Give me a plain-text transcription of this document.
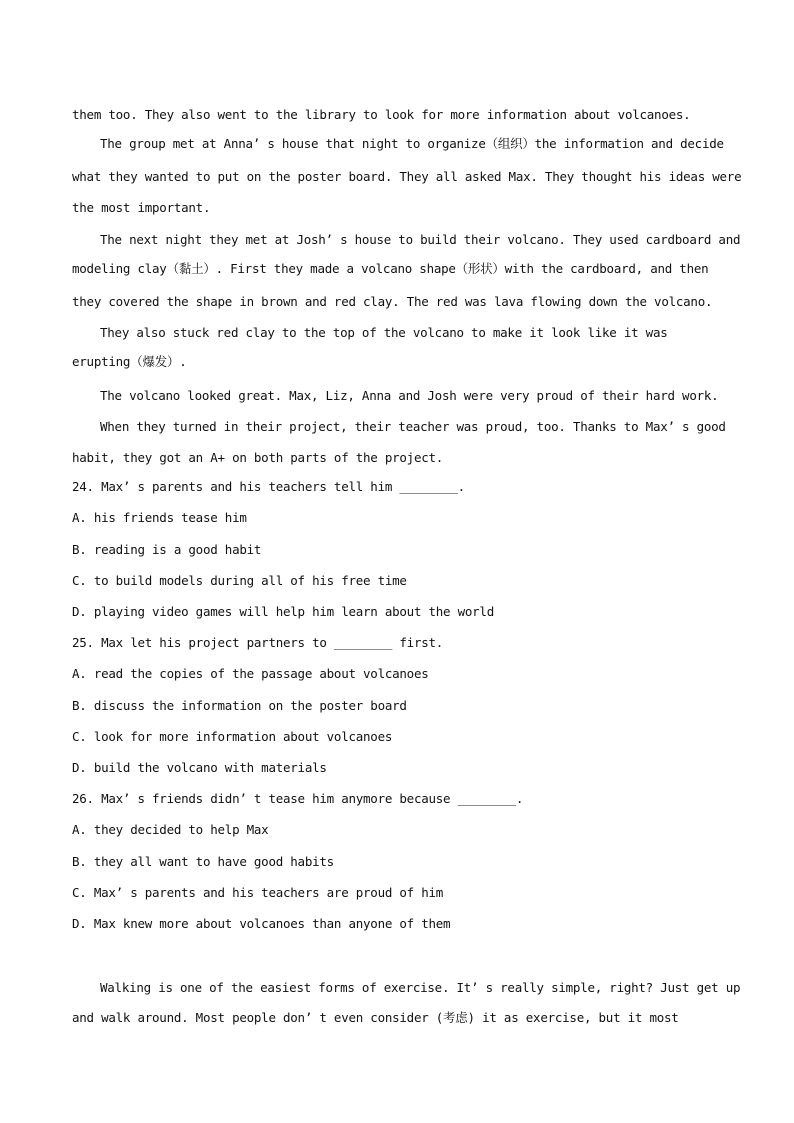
them too. They also went to the library to look for more information about volcanoes.
The group met at Anna’ s house that night to organize（组织）the information and decide
what they wanted to put on the poster board. They all asked Max. They thought his ideas were
the most important.
The next night they met at Josh’ s house to build their volcano. They used cardboard and
modeling clay（黏土）. First they made a volcano shape（形状）with the cardboard, and then
they covered the shape in brown and red clay. The red was lava flowing down the volcano.
They also stuck red clay to the top of the volcano to make it look like it was
erupting（爆发）.
The volcano looked great. Max, Liz, Anna and Josh were very proud of their hard work.
When they turned in their project, their teacher was proud, too. Thanks to Max’ s good
habit, they got an A+ on both parts of the project.
24. Max’ s parents and his teachers tell him ________.
A. his friends tease him
B. reading is a good habit
C. to build models during all of his free time
D. playing video games will help him learn about the world
25. Max let his project partners to ________ first.
A. read the copies of the passage about volcanoes
B. discuss the information on the poster board
C. look for more information about volcanoes
D. build the volcano with materials
26. Max’ s friends didn’ t tease him anymore because ________.
A. they decided to help Max
B. they all want to have good habits
C. Max’ s parents and his teachers are proud of him
D. Max knew more about volcanoes than anyone of them
Walking is one of the easiest forms of exercise. It’ s really simple, right? Just get up
and walk around. Most people don’ t even consider (考虑) it as exercise, but it most
